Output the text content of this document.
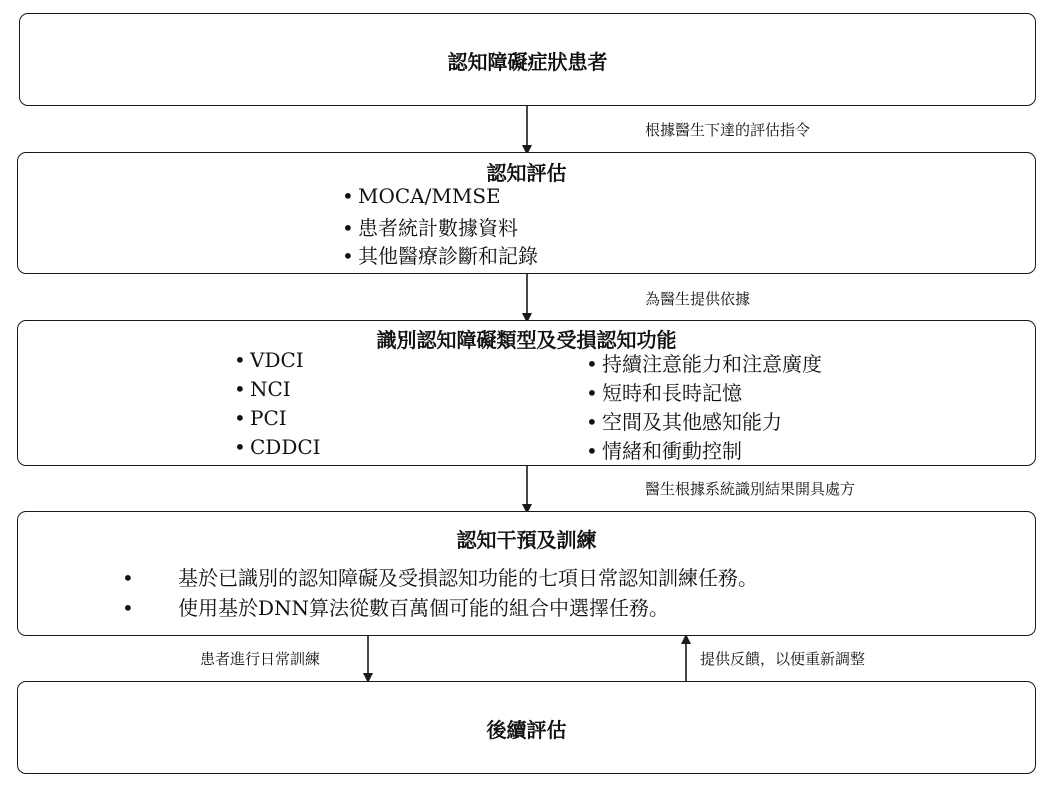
認知障礙症狀患者
根據醫生下達的評估指令
認知評估
• MOCA/MMSE
• 患者統計數據資料
• 其他醫療診斷和記錄
為醫生提供依據
識別認知障礙類型及受損認知功能
• VDCI
• NCI
• PCI
• CDDCI
• 持續注意能力和注意廣度
• 短時和長時記憶
• 空間及其他感知能力
• 情緒和衝動控制
醫生根據系統識別結果開具處方
認知干預及訓練
• 基於已識別的認知障礙及受損認知功能的七項日常認知訓練任務。
• 使用基於DNN算法從數百萬個可能的組合中選擇任務。
患者進行日常訓練	提供反饋，以便重新調整
後續評估
